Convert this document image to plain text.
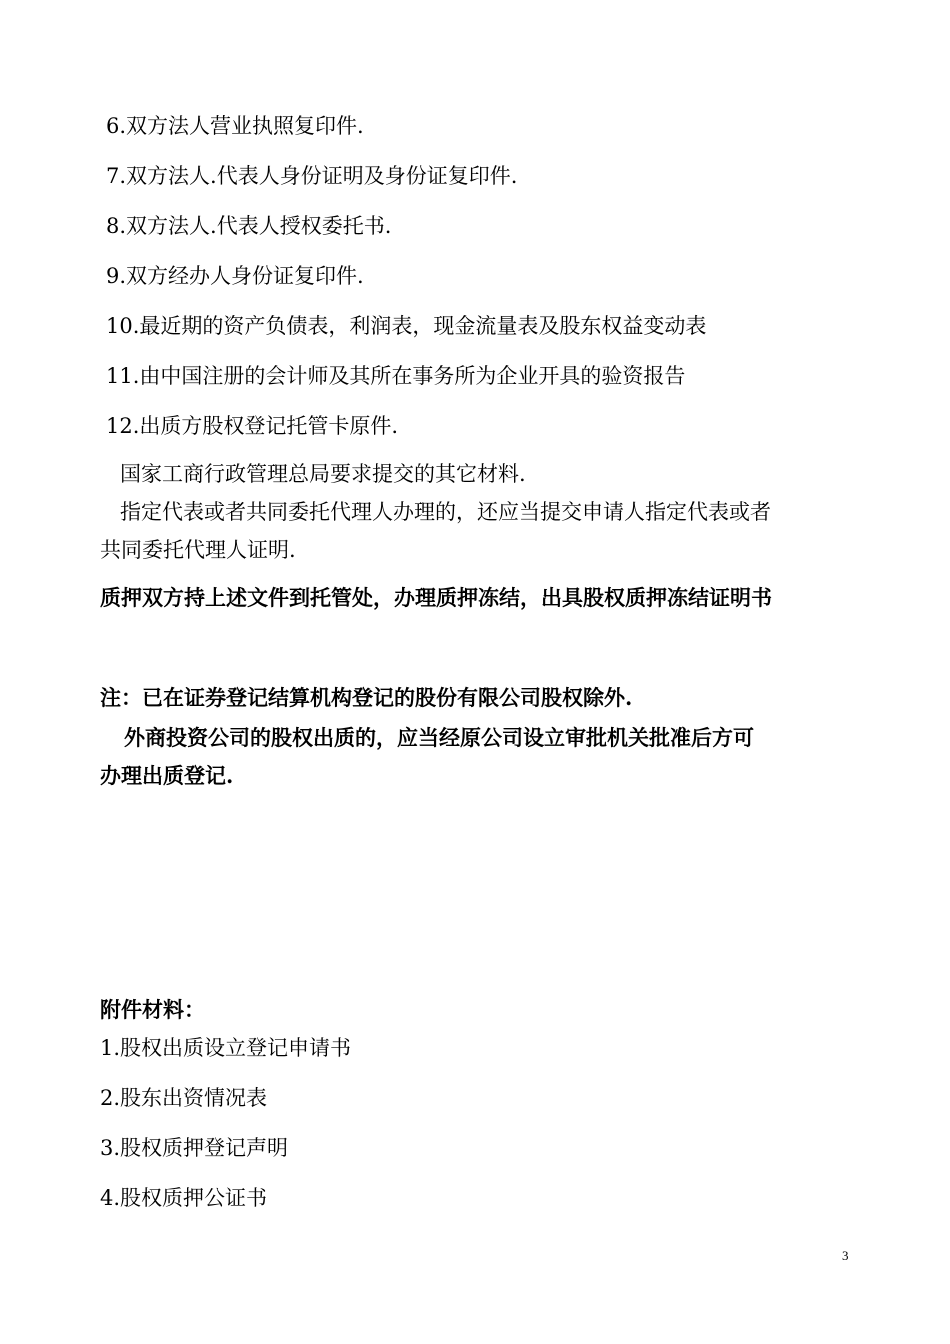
6.双方法人营业执照复印件.
7.双方法人.代表人身份证明及身份证复印件.
8.双方法人.代表人授权委托书.
9.双方经办人身份证复印件.
10.最近期的资产负债表，利润表，现金流量表及股东权益变动表
11.由中国注册的会计师及其所在事务所为企业开具的验资报告
12.出质方股权登记托管卡原件.
国家工商行政管理总局要求提交的其它材料.
指定代表或者共同委托代理人办理的，还应当提交申请人指定代表或者
共同委托代理人证明.
质押双方持上述文件到托管处，办理质押冻结，出具股权质押冻结证明书
注：已在证券登记结算机构登记的股份有限公司股权除外.
外商投资公司的股权出质的，应当经原公司设立审批机关批准后方可
办理出质登记.
附件材料：
1.股权出质设立登记申请书
2.股东出资情况表
3.股权质押登记声明
4.股权质押公证书
3
